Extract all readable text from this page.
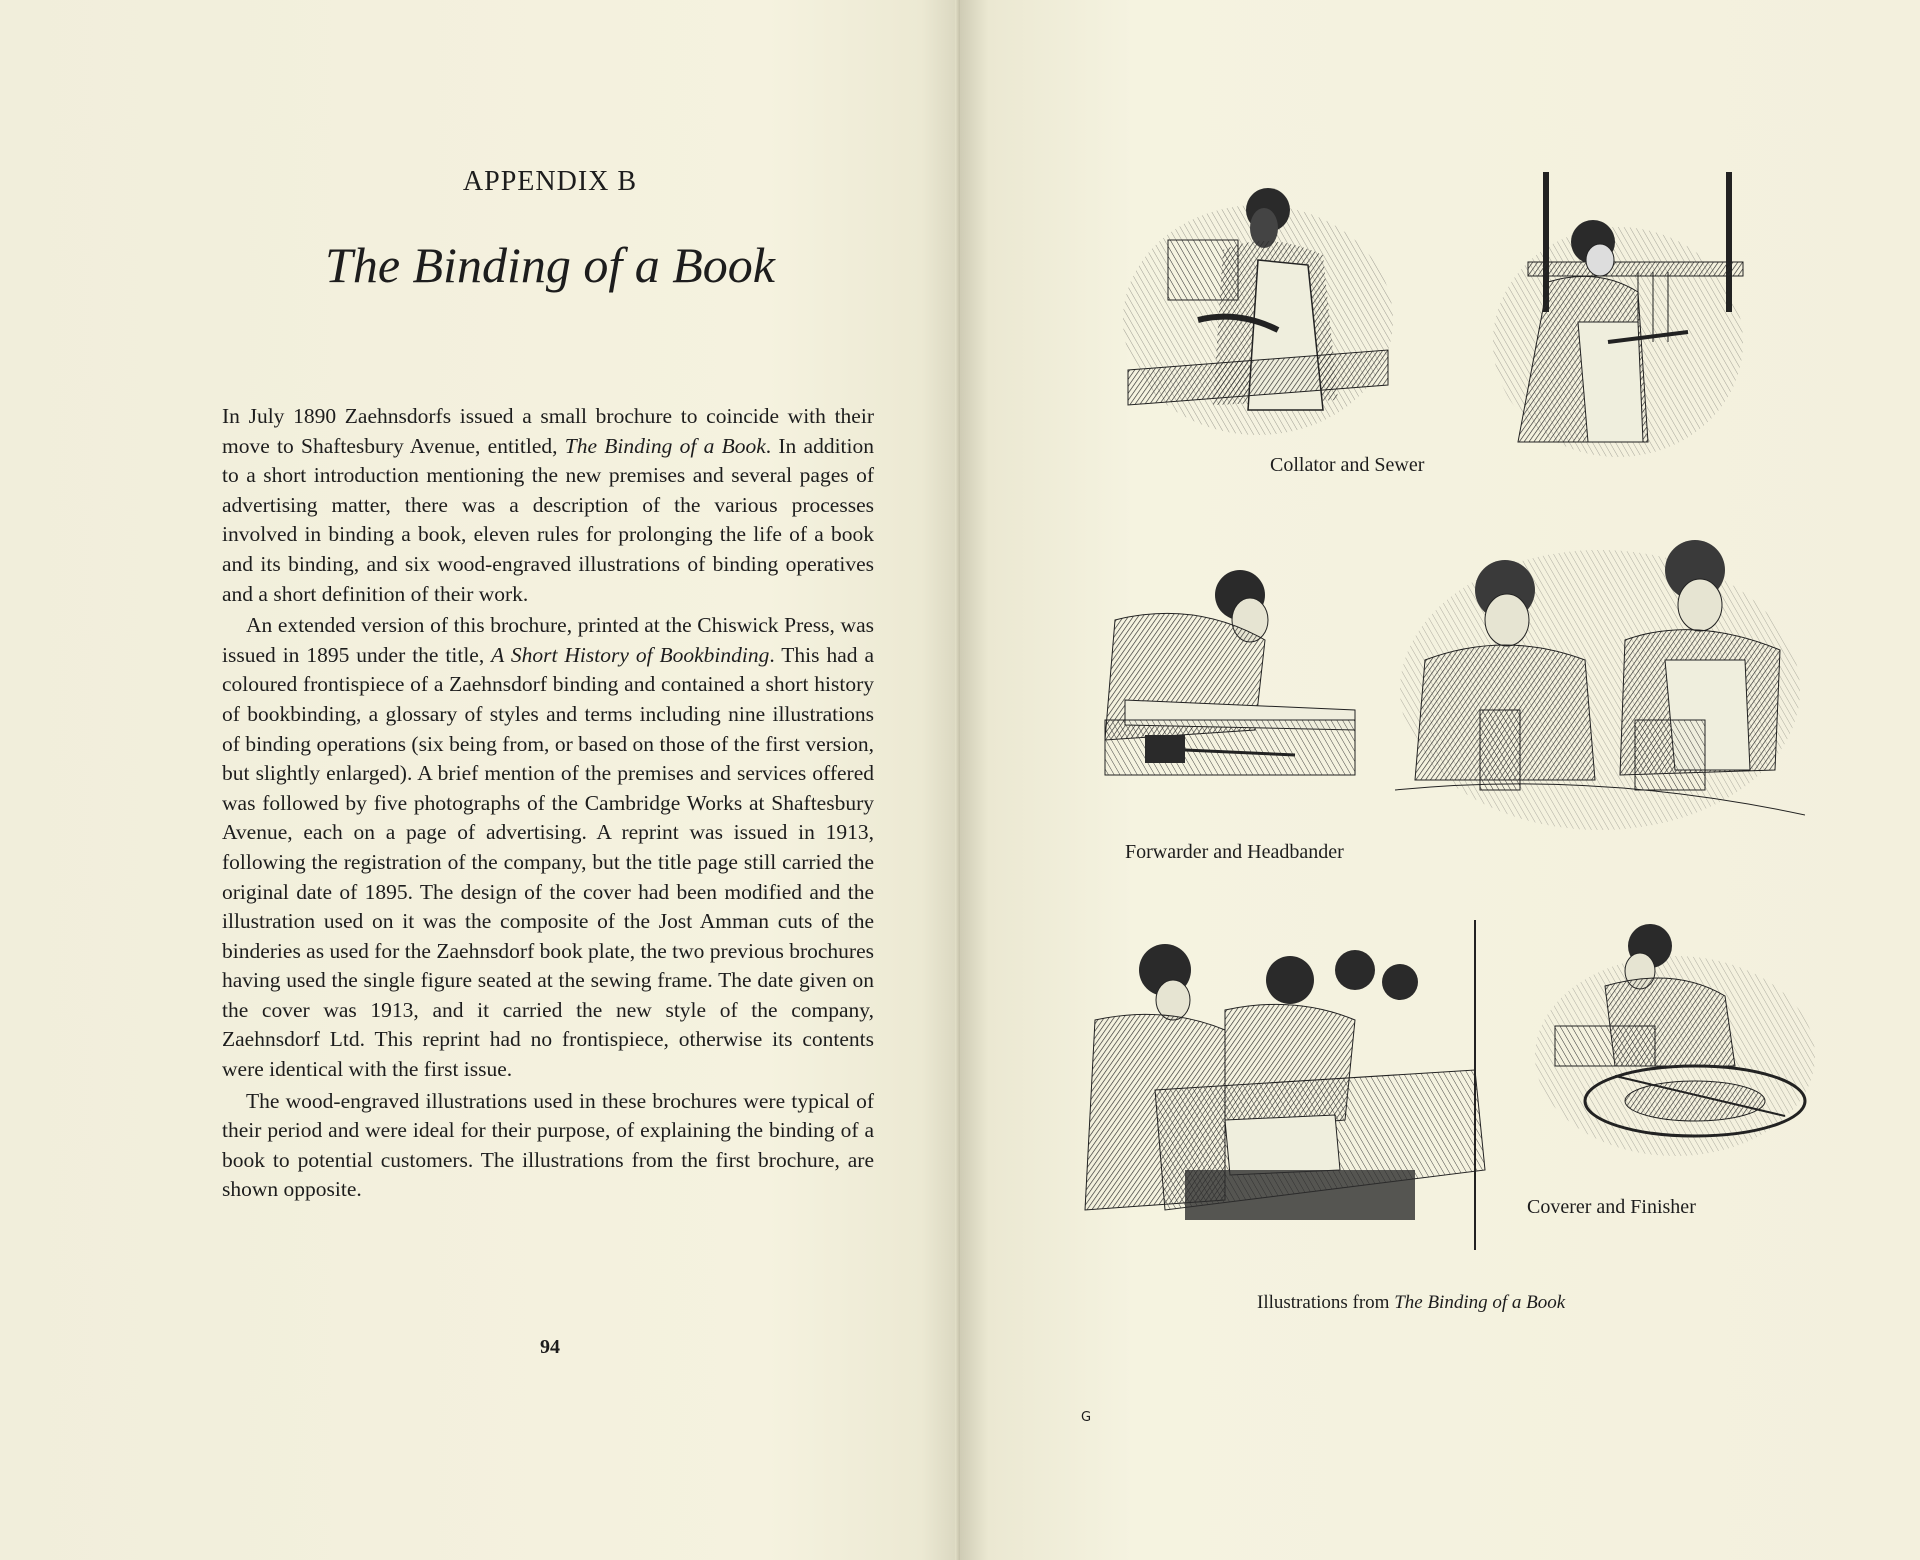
APPENDIX B
The Binding of a Book

In July 1890 Zaehnsdorfs issued a small brochure to coincide with their move to Shaftesbury Avenue, entitled, The Binding of a Book. In addition to a short introduction mentioning the new premises and several pages of advertising matter, there was a description of the various processes involved in binding a book, eleven rules for prolonging the life of a book and its binding, and six wood-engraved illustrations of binding operatives and a short definition of their work.

An extended version of this brochure, printed at the Chiswick Press, was issued in 1895 under the title, A Short History of Bookbinding. This had a coloured frontispiece of a Zaehnsdorf binding and contained a short history of bookbinding, a glossary of styles and terms including nine illustrations of binding operations (six being from, or based on those of the first version, but slightly enlarged). A brief mention of the premises and services offered was followed by five photographs of the Cambridge Works at Shaftesbury Avenue, each on a page of advertising. A reprint was issued in 1913, following the registration of the company, but the title page still carried the original date of 1895. The design of the cover had been modified and the illustration used on it was the composite of the Jost Amman cuts of the binderies as used for the Zaehnsdorf book plate, the two previous brochures having used the single figure seated at the sewing frame. The date given on the cover was 1913, and it carried the new style of the company, Zaehnsdorf Ltd. This reprint had no frontispiece, otherwise its contents were identical with the first issue.

The wood-engraved illustrations used in these brochures were typical of their period and were ideal for their purpose, of explaining the binding of a book to potential customers. The illustrations from the first brochure, are shown opposite.

94
Collator and Sewer
Forwarder and Headbander
Coverer and Finisher
Illustrations from The Binding of a Book
G
